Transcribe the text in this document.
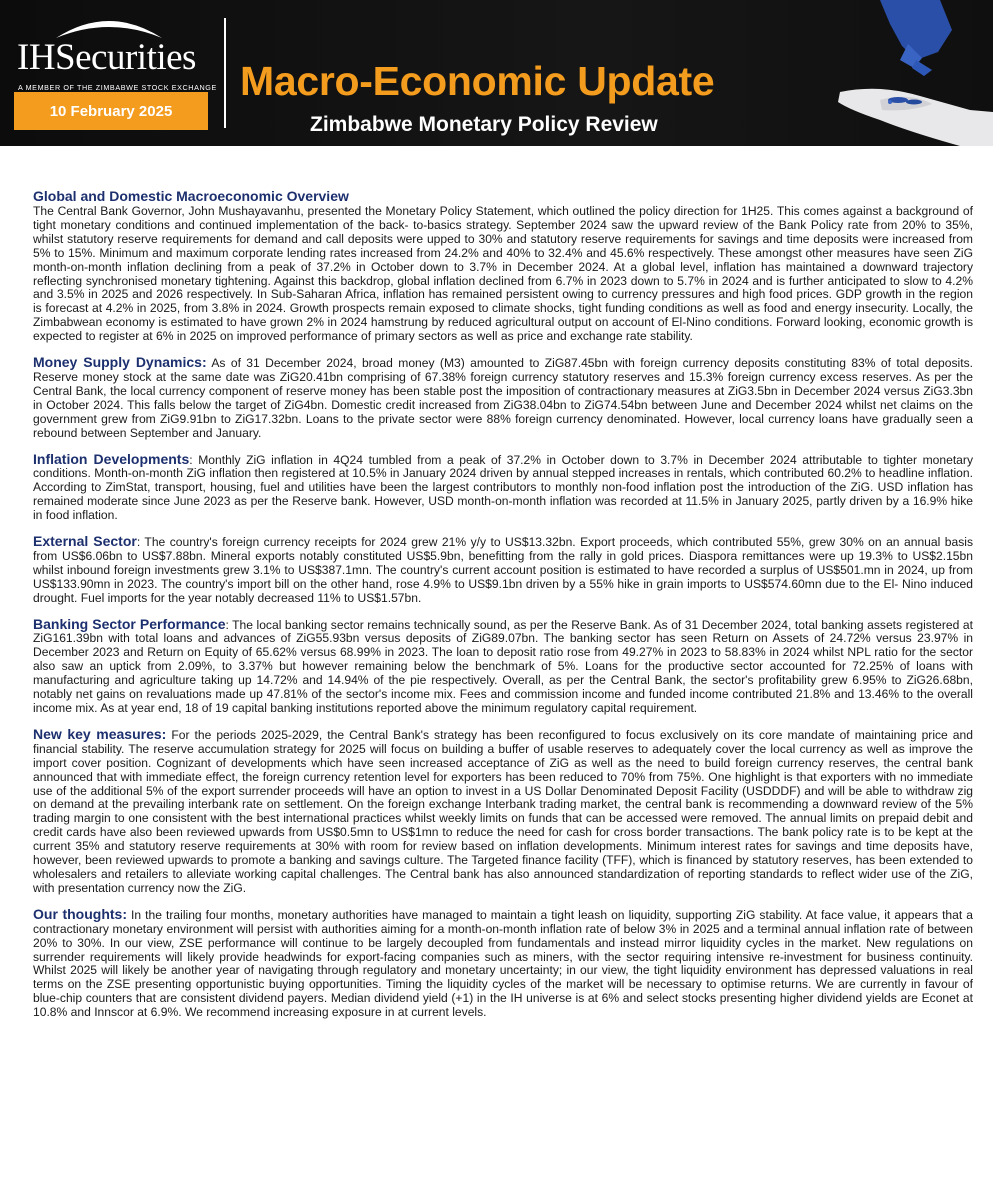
IHSecurities
A MEMBER OF THE ZIMBABWE STOCK EXCHANGE
10 February 2025
Macro-Economic Update
Zimbabwe Monetary Policy Review
Global and Domestic Macroeconomic Overview

The Central Bank Governor, John Mushayavanhu, presented the Monetary Policy Statement, which outlined the policy direction for 1H25. This comes against a background of tight monetary conditions and continued implementation of the back- to-basics strategy. September 2024 saw the upward review of the Bank Policy rate from 20% to 35%, whilst statutory reserve requirements for demand and call deposits were upped to 30% and statutory reserve requirements for savings and time deposits were increased from 5% to 15%. Minimum and maximum corporate lending rates increased from 24.2% and 40% to 32.4% and 45.6% respectively. These amongst other measures have seen ZiG month-on-month inflation declining from a peak of 37.2% in October down to 3.7% in December 2024. At a global level, inflation has maintained a downward trajectory reflecting synchronised monetary tightening. Against this backdrop, global inflation declined from 6.7% in 2023 down to 5.7% in 2024 and is further anticipated to slow to 4.2% and 3.5% in 2025 and 2026 respectively. In Sub-Saharan Africa, inflation has remained persistent owing to currency pressures and high food prices. GDP growth in the region is forecast at 4.2% in 2025, from 3.8% in 2024. Growth prospects remain exposed to climate shocks, tight funding conditions as well as food and energy insecurity. Locally, the Zimbabwean economy is estimated to have grown 2% in 2024 hamstrung by reduced agricultural output on account of El-Nino conditions. Forward looking, economic growth is expected to register at 6% in 2025 on improved performance of primary sectors as well as price and exchange rate stability.

Money Supply Dynamics: As of 31 December 2024, broad money (M3) amounted to ZiG87.45bn with foreign currency deposits constituting 83% of total deposits. Reserve money stock at the same date was ZiG20.41bn comprising of 67.38% foreign currency statutory reserves and 15.3% foreign currency excess reserves. As per the Central Bank, the local currency component of reserve money has been stable post the imposition of contractionary measures at ZiG3.5bn in December 2024 versus ZiG3.3bn in October 2024. This falls below the target of ZiG4bn. Domestic credit increased from ZiG38.04bn to ZiG74.54bn between June and December 2024 whilst net claims on the government grew from ZiG9.91bn to ZiG17.32bn. Loans to the private sector were 88% foreign currency denominated. However, local currency loans have gradually seen a rebound between September and January.

Inflation Developments: Monthly ZiG inflation in 4Q24 tumbled from a peak of 37.2% in October down to 3.7% in December 2024 attributable to tighter monetary conditions. Month-on-month ZiG inflation then registered at 10.5% in January 2024 driven by annual stepped increases in rentals, which contributed 60.2% to headline inflation. According to ZimStat, transport, housing, fuel and utilities have been the largest contributors to monthly non-food inflation post the introduction of the ZiG. USD inflation has remained moderate since June 2023 as per the Reserve bank. However, USD month-on-month inflation was recorded at 11.5% in January 2025, partly driven by a 16.9% hike in food inflation.

External Sector: The country's foreign currency receipts for 2024 grew 21% y/y to US$13.32bn. Export proceeds, which contributed 55%, grew 30% on an annual basis from US$6.06bn to US$7.88bn. Mineral exports notably constituted US$5.9bn, benefitting from the rally in gold prices. Diaspora remittances were up 19.3% to US$2.15bn whilst inbound foreign investments grew 3.1% to US$387.1mn. The country's current account position is estimated to have recorded a surplus of US$501.mn in 2024, up from US$133.90mn in 2023. The country's import bill on the other hand, rose 4.9% to US$9.1bn driven by a 55% hike in grain imports to US$574.60mn due to the El- Nino induced drought. Fuel imports for the year notably decreased 11% to US$1.57bn.

Banking Sector Performance: The local banking sector remains technically sound, as per the Reserve Bank. As of 31 December 2024, total banking assets registered at ZiG161.39bn with total loans and advances of ZiG55.93bn versus deposits of ZiG89.07bn. The banking sector has seen Return on Assets of 24.72% versus 23.97% in December 2023 and Return on Equity of 65.62% versus 68.99% in 2023. The loan to deposit ratio rose from 49.27% in 2023 to 58.83% in 2024 whilst NPL ratio for the sector also saw an uptick from 2.09%, to 3.37% but however remaining below the benchmark of 5%. Loans for the productive sector accounted for 72.25% of loans with manufacturing and agriculture taking up 14.72% and 14.94% of the pie respectively. Overall, as per the Central Bank, the sector's profitability grew 6.95% to ZiG26.68bn, notably net gains on revaluations made up 47.81% of the sector's income mix. Fees and commission income and funded income contributed 21.8% and 13.46% to the overall income mix. As at year end, 18 of 19 capital banking institutions reported above the minimum regulatory capital requirement.

New key measures: For the periods 2025-2029, the Central Bank's strategy has been reconfigured to focus exclusively on its core mandate of maintaining price and financial stability. The reserve accumulation strategy for 2025 will focus on building a buffer of usable reserves to adequately cover the local currency as well as improve the import cover position. Cognizant of developments which have seen increased acceptance of ZiG as well as the need to build foreign currency reserves, the central bank announced that with immediate effect, the foreign currency retention level for exporters has been reduced to 70% from 75%. One highlight is that exporters with no immediate use of the additional 5% of the export surrender proceeds will have an option to invest in a US Dollar Denominated Deposit Facility (USDDDF) and will be able to withdraw zig on demand at the prevailing interbank rate on settlement. On the foreign exchange Interbank trading market, the central bank is recommending a downward review of the 5% trading margin to one consistent with the best international practices whilst weekly limits on funds that can be accessed were removed. The annual limits on prepaid debit and credit cards have also been reviewed upwards from US$0.5mn to US$1mn to reduce the need for cash for cross border transactions. The bank policy rate is to be kept at the current 35% and statutory reserve requirements at 30% with room for review based on inflation developments. Minimum interest rates for savings and time deposits have, however, been reviewed upwards to promote a banking and savings culture. The Targeted finance facility (TFF), which is financed by statutory reserves, has been extended to wholesalers and retailers to alleviate working capital challenges. The Central bank has also announced standardization of reporting standards to reflect wider use of the ZiG, with presentation currency now the ZiG.

Our thoughts: In the trailing four months, monetary authorities have managed to maintain a tight leash on liquidity, supporting ZiG stability. At face value, it appears that a contractionary monetary environment will persist with authorities aiming for a month-on-month inflation rate of below 3% in 2025 and a terminal annual inflation rate of between 20% to 30%. In our view, ZSE performance will continue to be largely decoupled from fundamentals and instead mirror liquidity cycles in the market. New regulations on surrender requirements will likely provide headwinds for export-facing companies such as miners, with the sector requiring intensive re-investment for business continuity. Whilst 2025 will likely be another year of navigating through regulatory and monetary uncertainty; in our view, the tight liquidity environment has depressed valuations in real terms on the ZSE presenting opportunistic buying opportunities. Timing the liquidity cycles of the market will be necessary to optimise returns. We are currently in favour of blue-chip counters that are consistent dividend payers. Median dividend yield (+1) in the IH universe is at 6% and select stocks presenting higher dividend yields are Econet at 10.8% and Innscor at 6.9%. We recommend increasing exposure in at current levels.
